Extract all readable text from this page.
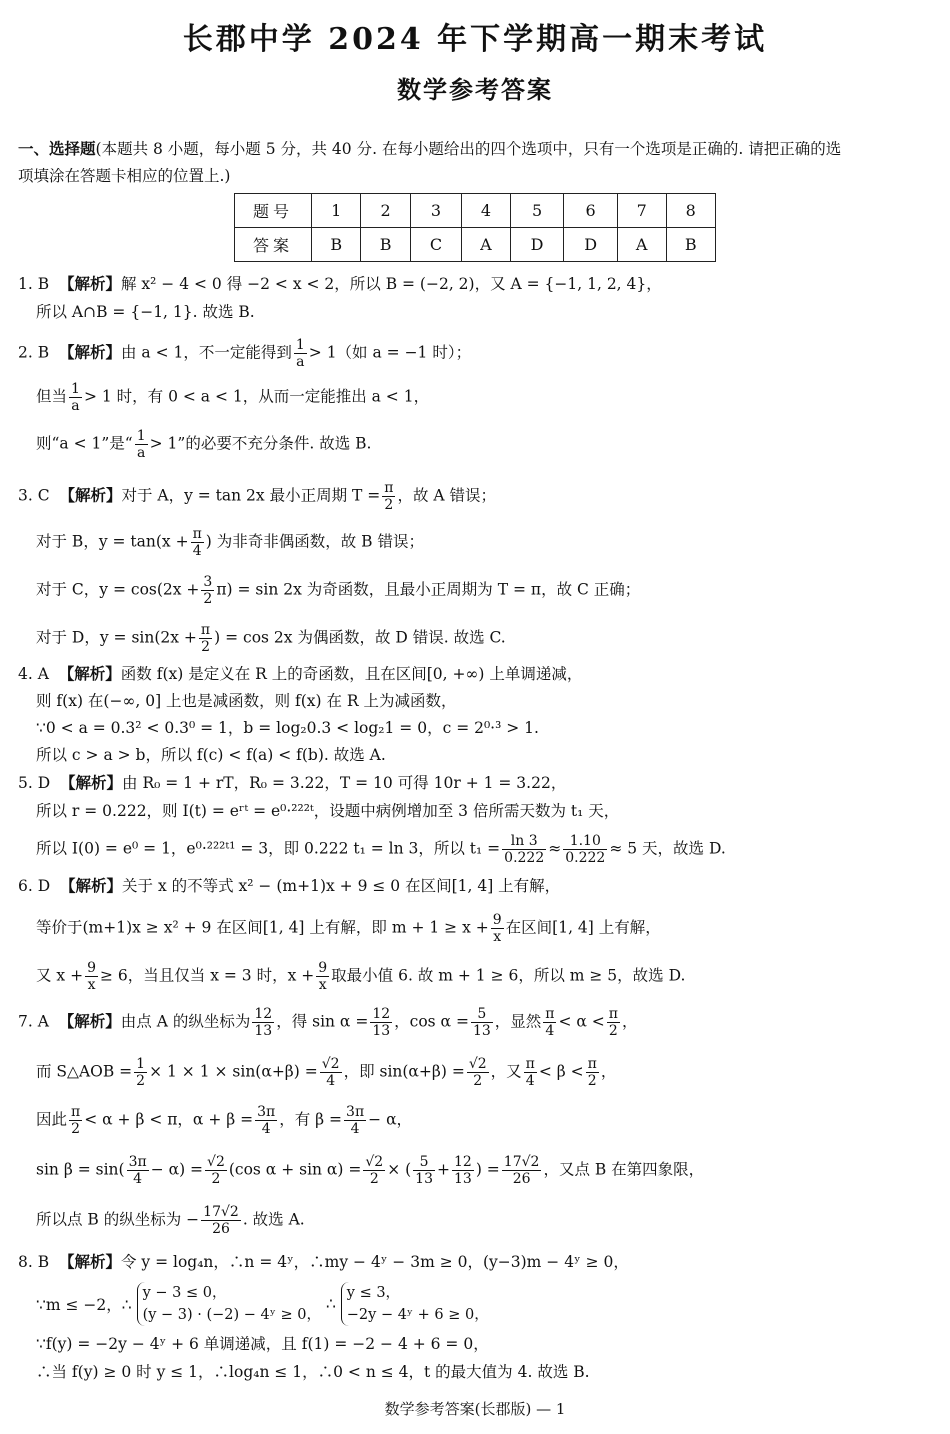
长郡中学 2024 年下学期高一期末考试
数学参考答案
一、选择题(本题共 8 小题，每小题 5 分，共 40 分. 在每小题给出的四个选项中，只有一个选项是正确的. 请把正确的选
项填涂在答题卡相应的位置上.)
题号	1	2	3	4	5	6	7	8
答案	B	B	C	A	D	D	A	B
1. B 【解析】解 x² − 4 < 0 得 −2 < x < 2，所以 B = (−2, 2)，又 A = {−1, 1, 2, 4}，
所以 A∩B = {−1, 1}. 故选 B.
2. B 【解析】由 a < 1，不一定能得到 $\frac{1}{a} > 1$（如 a = −1 时）；
但当 $\frac{1}{a} > 1$ 时，有 0 < a < 1，从而一定能推出 a < 1，
则“a < 1”是“ $\frac{1}{a} > 1$”的必要不充分条件. 故选 B.
3. C 【解析】对于 A，y = tan 2x 最小正周期 $T = \frac{\pi}{2}$ ，故 A 错误；
对于 B，$y = \tan(x + \frac{\pi}{4}$ ) 为非奇非偶函数，故 B 错误；
对于 C，$y = \cos(2x + \frac{3}{2} \pi) = \sin 2x$ 为奇函数，且最小正周期为 T = π，故 C 正确；
对于 D，$y = \sin(2x + \frac{\pi}{2}$ ) = cos 2x 为偶函数，故 D 错误. 故选 C.
4. A 【解析】函数 f(x) 是定义在 R 上的奇函数，且在区间[0, +∞) 上单调递减，
则 f(x) 在(−∞, 0] 上也是减函数，则 f(x) 在 R 上为减函数，
∵0 < a = 0.3² < 0.3⁰ = 1，b = log₂0.3 < log₂1 = 0，c = 2⁰·³ > 1.
所以 c > a > b，所以 f(c) < f(a) < f(b). 故选 A.
5. D 【解析】由 R₀ = 1 + rT，R₀ = 3.22，T = 10 可得 10r + 1 = 3.22，
所以 r = 0.222，则 I(t) = eʳᵗ = e⁰·²²²ᵗ，设题中病例增加至 3 倍所需天数为 t₁ 天，
所以 I(0) = e⁰ = 1，e⁰·²²²ᵗ¹ = 3，即 0.222 t₁ = ln 3，所以 $t_1 = \frac{\ln 3}{0.222} \approx \frac{1.10}{0.222} \approx 5$ 天，故选 D.
6. D 【解析】关于 x 的不等式 x² − (m+1)x + 9 ≤ 0 在区间[1, 4] 上有解，
等价于(m+1)x ≥ x² + 9 在区间[1, 4] 上有解，即 $m + 1 \ge x + \frac{9}{x}$ 在区间[1, 4] 上有解，
又 $x + \frac{9}{x} \ge 6$，当且仅当 x = 3 时，$x + \frac{9}{x}$ 取最小值 6. 故 m + 1 ≥ 6，所以 m ≥ 5，故选 D.
7. A 【解析】由点 A 的纵坐标为 $\frac{12}{13}$ ，得 $\sin \alpha = \frac{12}{13}$ ，$\cos \alpha = \frac{5}{13}$ ，显然 $\frac{\pi}{4} < \alpha < \frac{\pi}{2}$ ，
而 S△AOB = $\frac{1}{2} \times 1 \times 1 \times \sin(\alpha+\beta) = \frac{√2}{4}$ ，即 $\sin(\alpha+\beta) = \frac{√2}{2}$ ，又 $\frac{\pi}{4} < \beta < \frac{\pi}{2}$ ，
因此 $\frac{\pi}{2} < \alpha + \beta < \pi$，$\alpha + \beta = \frac{3\pi}{4}$ ，有 $\beta = \frac{3\pi}{4} - \alpha$，
$\sin \beta = \sin( \frac{3\pi}{4} - \alpha) = \frac{√2}{2} (\cos$ $\alpha + \sin \alpha) = \frac{√2}{2}$ × ( $\frac{5}{13} + \frac{12}{13}$ ) = $\frac{17√2}{26}$ ，又点 B 在第四象限，
所以点 B 的纵坐标为 − $\frac{17√2}{26}$ . 故选 A.
8. B 【解析】令 y = log₄n，∴n = 4ʸ，∴my − 4ʸ − 3m ≥ 0，(y−3)m − 4ʸ ≥ 0，
∵m ≤ −2，∴
y − 3 ≤ 0，
(y − 3) · (−2) − 4ʸ ≥ 0，
∴
y ≤ 3，
−2y − 4ʸ + 6 ≥ 0，
∵f(y) = −2y − 4ʸ + 6 单调递减，且 f(1) = −2 − 4 + 6 = 0，
∴当 f(y) ≥ 0 时 y ≤ 1，∴log₄n ≤ 1，∴0 < n ≤ 4，t 的最大值为 4. 故选 B.
数学参考答案(长郡版) — 1
